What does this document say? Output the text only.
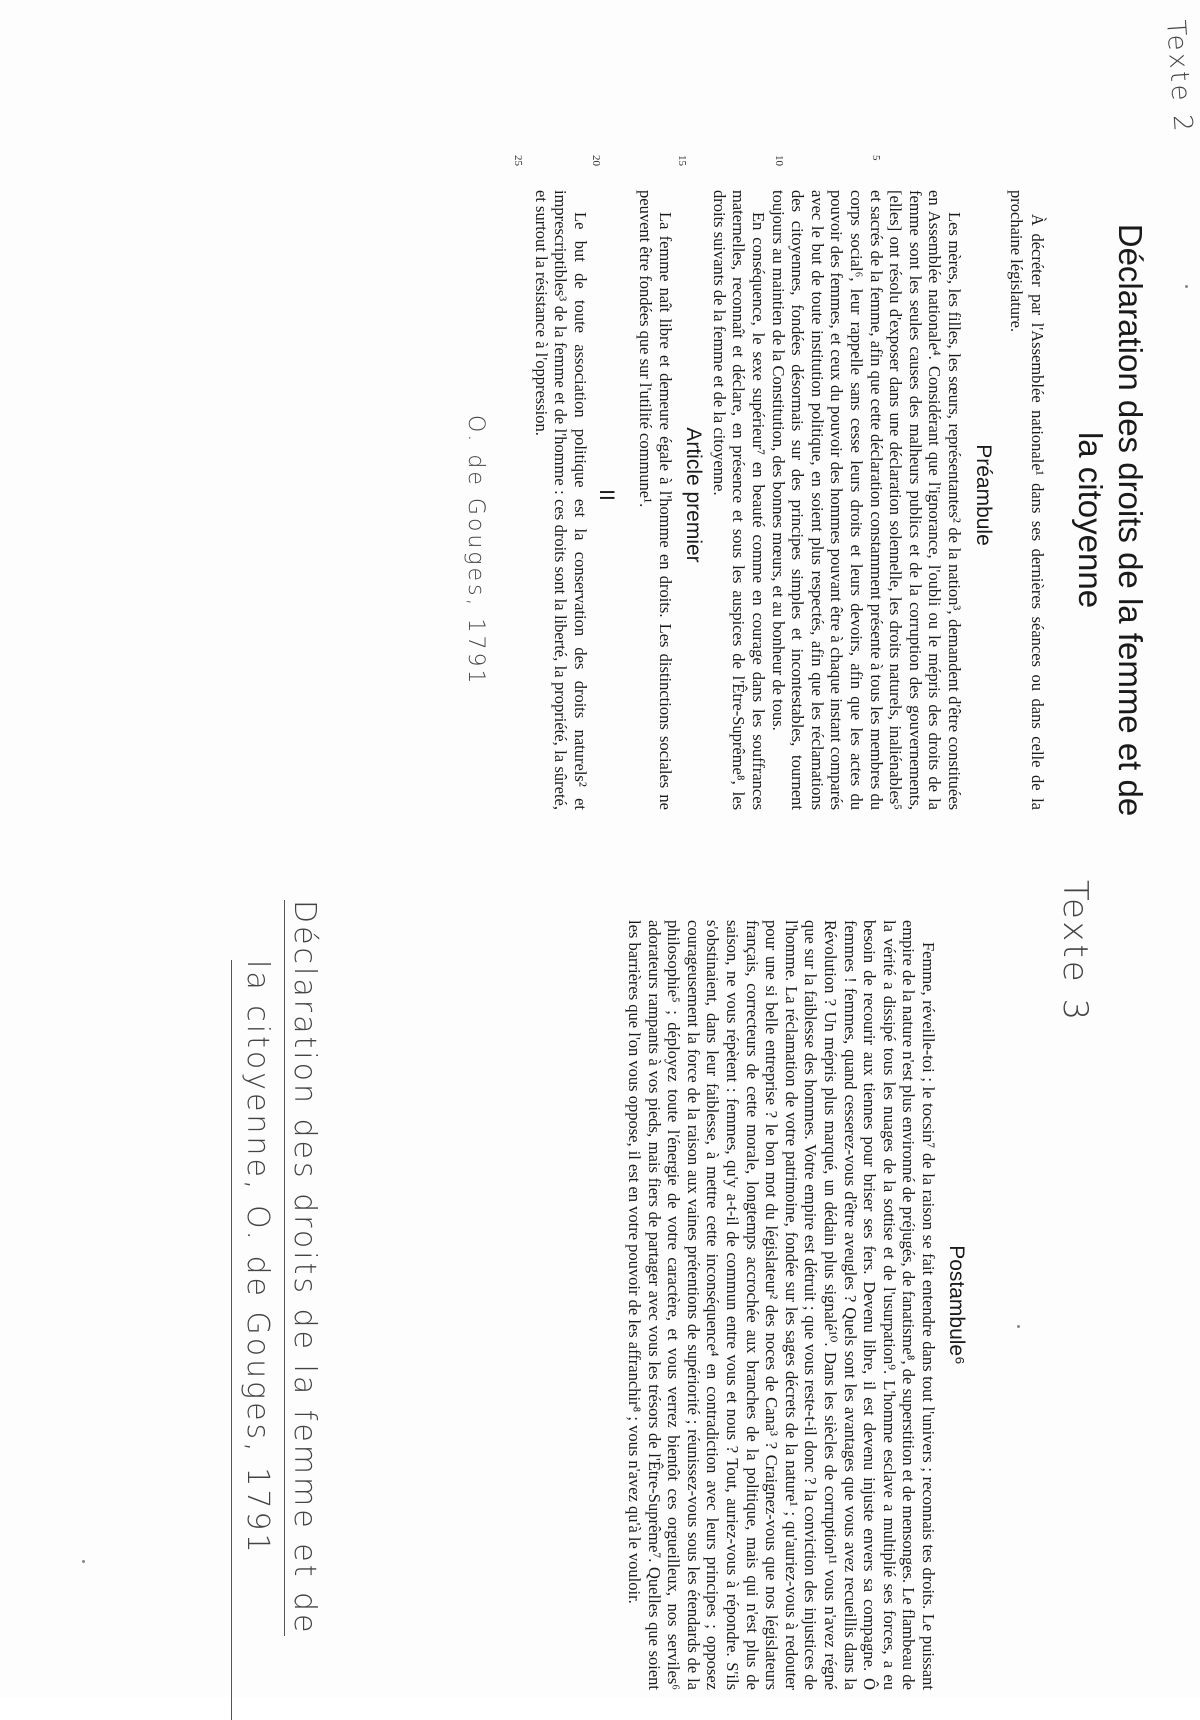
Texte 2
Déclaration des droits de la femme et de la citoyenne

À décréter par l'Assemblée nationale¹ dans ses dernières séances ou dans celle de la prochaine législature.

Préambule

Les mères, les filles, les sœurs, représentantes² de la nation³, demandent d'être constituées en Assemblée nationale⁴. Considérant que l'ignorance, l'oubli ou le mépris des droits de la femme sont les seules causes des malheurs publics et de la corruption des gouvernements, [elles] ont résolu d'exposer dans une déclaration solennelle, les droits naturels, inaliénables⁵ et sacrés de la femme, afin que cette déclaration constamment présente à tous les membres du corps social⁶, leur rappelle sans cesse leurs droits et leurs devoirs, afin que les actes du pouvoir des femmes, et ceux du pouvoir des hommes pouvant être à chaque instant comparés avec le but de toute institution politique, en soient plus respectés, afin que les réclamations des citoyennes, fondées désormais sur des principes simples et incontestables, tournent toujours au maintien de la Constitution, des bonnes mœurs, et au bonheur de tous.

En conséquence, le sexe supérieur⁷ en beauté comme en courage dans les souffrances maternelles, reconnaît et déclare, en présence et sous les auspices de l'Être-Suprême⁸, les droits suivants de la femme et de la citoyenne.

Article premier

La femme naît libre et demeure égale à l'homme en droits. Les distinctions sociales ne peuvent être fondées que sur l'utilité commune¹.

II

Le but de toute association politique est la conservation des droits naturels² et imprescriptibles³ de la femme et de l'homme : ces droits sont la liberté, la propriété, la sûreté, et surtout la résistance à l'oppression.

5
10
15
20
25
O. de Gouges, 1791
Texte 3
Postambule⁶

Femme, réveille-toi ; le tocsin⁷ de la raison se fait entendre dans tout l'univers ; reconnais tes droits. Le puissant empire de la nature n'est plus environné de préjugés, de fanatisme⁸, de superstition et de mensonges. Le flambeau de la vérité a dissipé tous les nuages de la sottise et de l'usurpation⁹. L'homme esclave a multiplié ses forces, a eu besoin de recourir aux tiennes pour briser ses fers. Devenu libre, il est devenu injuste envers sa compagne. Ô femmes ! femmes, quand cesserez-vous d'être aveugles ? Quels sont les avantages que vous avez recueillis dans la Révolution ? Un mépris plus marqué, un dédain plus signalé¹⁰. Dans les siècles de corruption¹¹ vous n'avez régné que sur la faiblesse des hommes. Votre empire est détruit ; que vous reste-t-il donc ? la conviction des injustices de l'homme. La réclamation de votre patrimoine, fondée sur les sages décrets de la nature¹ ; qu'auriez-vous à redouter pour une si belle entreprise ? le bon mot du législateur² des noces de Cana³ ? Craignez-vous que nos législateurs français, correcteurs de cette morale, longtemps accrochée aux branches de la politique, mais qui n'est plus de saison, ne vous répètent : femmes, qu'y a-t-il de commun entre vous et nous ? Tout, auriez-vous à répondre. S'ils s'obstinaient, dans leur faiblesse, à mettre cette inconséquence⁴ en contradiction avec leurs principes ; opposez courageusement la force de la raison aux vaines prétentions de supériorité ; réunissez-vous sous les étendards de la philosophie⁵ ; déployez toute l'énergie de votre caractère, et vous verrez bientôt ces orgueilleux, nos serviles⁶ adorateurs rampants à vos pieds, mais fiers de partager avec vous les trésors de l'Être-Suprême⁷. Quelles que soient les barrières que l'on vous oppose, il est en votre pouvoir de les affranchir⁸ ; vous n'avez qu'à le vouloir.

Déclaration des droits de la femme et de
la citoyenne, O. de Gouges, 1791
